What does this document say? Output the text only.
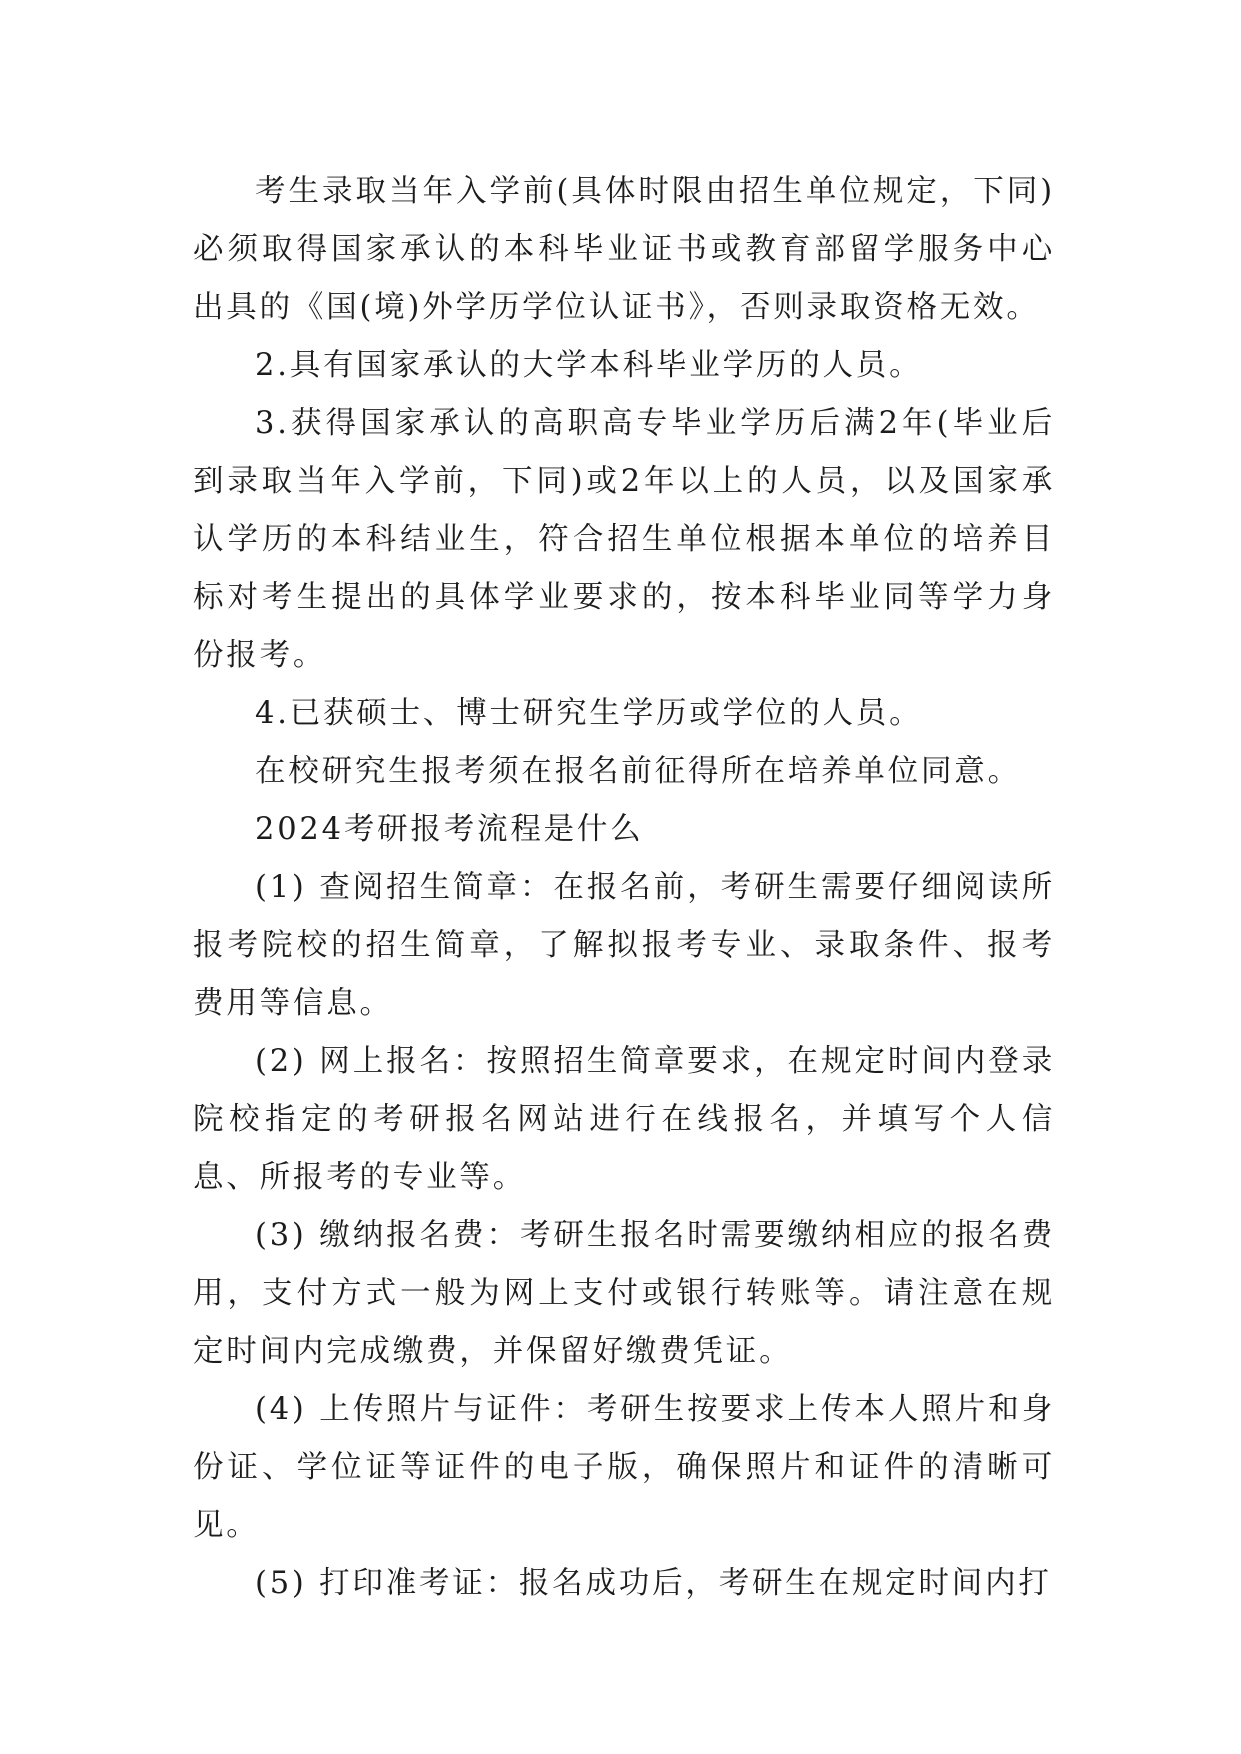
考生录取当年入学前(具体时限由招生单位规定，下同)必须取得国家承认的本科毕业证书或教育部留学服务中心出具的《国(境)外学历学位认证书》，否则录取资格无效。

2.具有国家承认的大学本科毕业学历的人员。

3.获得国家承认的高职高专毕业学历后满2年(毕业后到录取当年入学前，下同)或2年以上的人员，以及国家承认学历的本科结业生，符合招生单位根据本单位的培养目标对考生提出的具体学业要求的，按本科毕业同等学力身份报考。

4.已获硕士、博士研究生学历或学位的人员。

在校研究生报考须在报名前征得所在培养单位同意。

2024考研报考流程是什么

(1) 查阅招生简章：在报名前，考研生需要仔细阅读所报考院校的招生简章，了解拟报考专业、录取条件、报考费用等信息。

(2) 网上报名：按照招生简章要求，在规定时间内登录院校指定的考研报名网站进行在线报名，并填写个人信息、所报考的专业等。

(3) 缴纳报名费：考研生报名时需要缴纳相应的报名费用，支付方式一般为网上支付或银行转账等。请注意在规定时间内完成缴费，并保留好缴费凭证。

(4) 上传照片与证件：考研生按要求上传本人照片和身份证、学位证等证件的电子版，确保照片和证件的清晰可见。

(5) 打印准考证：报名成功后，考研生在规定时间内打
